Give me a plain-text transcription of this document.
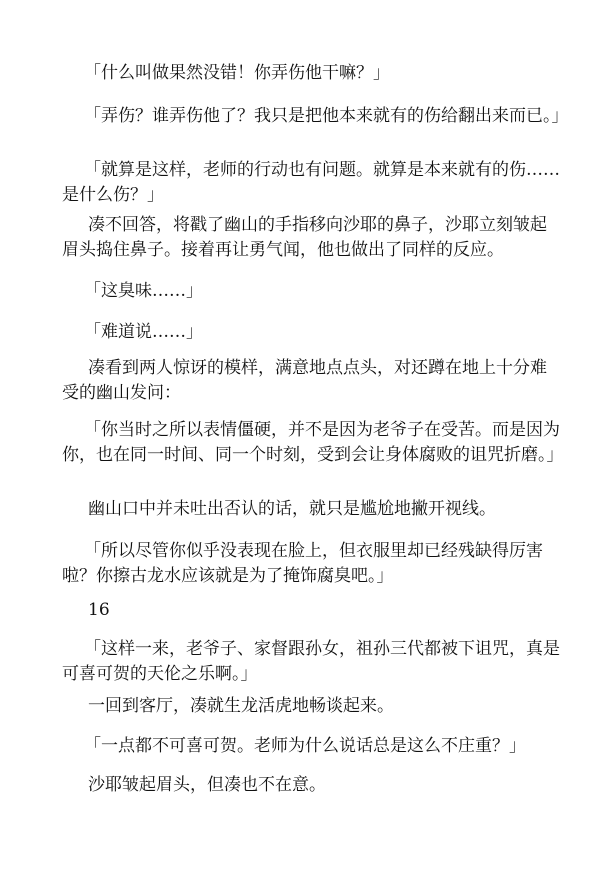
「什么叫做果然没错！你弄伤他干嘛？」

「弄伤？谁弄伤他了？我只是把他本来就有的伤给翻出来而已。」

「就算是这样，老师的行动也有问题。就算是本来就有的伤……是什么伤？」

凑不回答，将戳了幽山的手指移向沙耶的鼻子，沙耶立刻皱起眉头捣住鼻子。接着再让勇气闻，他也做出了同样的反应。

「这臭味……」

「难道说……」

凑看到两人惊讶的模样，满意地点点头，对还蹲在地上十分难受的幽山发问：

「你当时之所以表情僵硬，并不是因为老爷子在受苦。而是因为你，也在同一时间、同一个时刻，受到会让身体腐败的诅咒折磨。」

幽山口中并未吐出否认的话，就只是尴尬地撇开视线。

「所以尽管你似乎没表现在脸上，但衣服里却已经残缺得厉害啦？你擦古龙水应该就是为了掩饰腐臭吧。」

16

「这样一来，老爷子、家督跟孙女，祖孙三代都被下诅咒，真是可喜可贺的天伦之乐啊。」

一回到客厅，凑就生龙活虎地畅谈起来。

「一点都不可喜可贺。老师为什么说话总是这么不庄重？」

沙耶皱起眉头，但凑也不在意。
